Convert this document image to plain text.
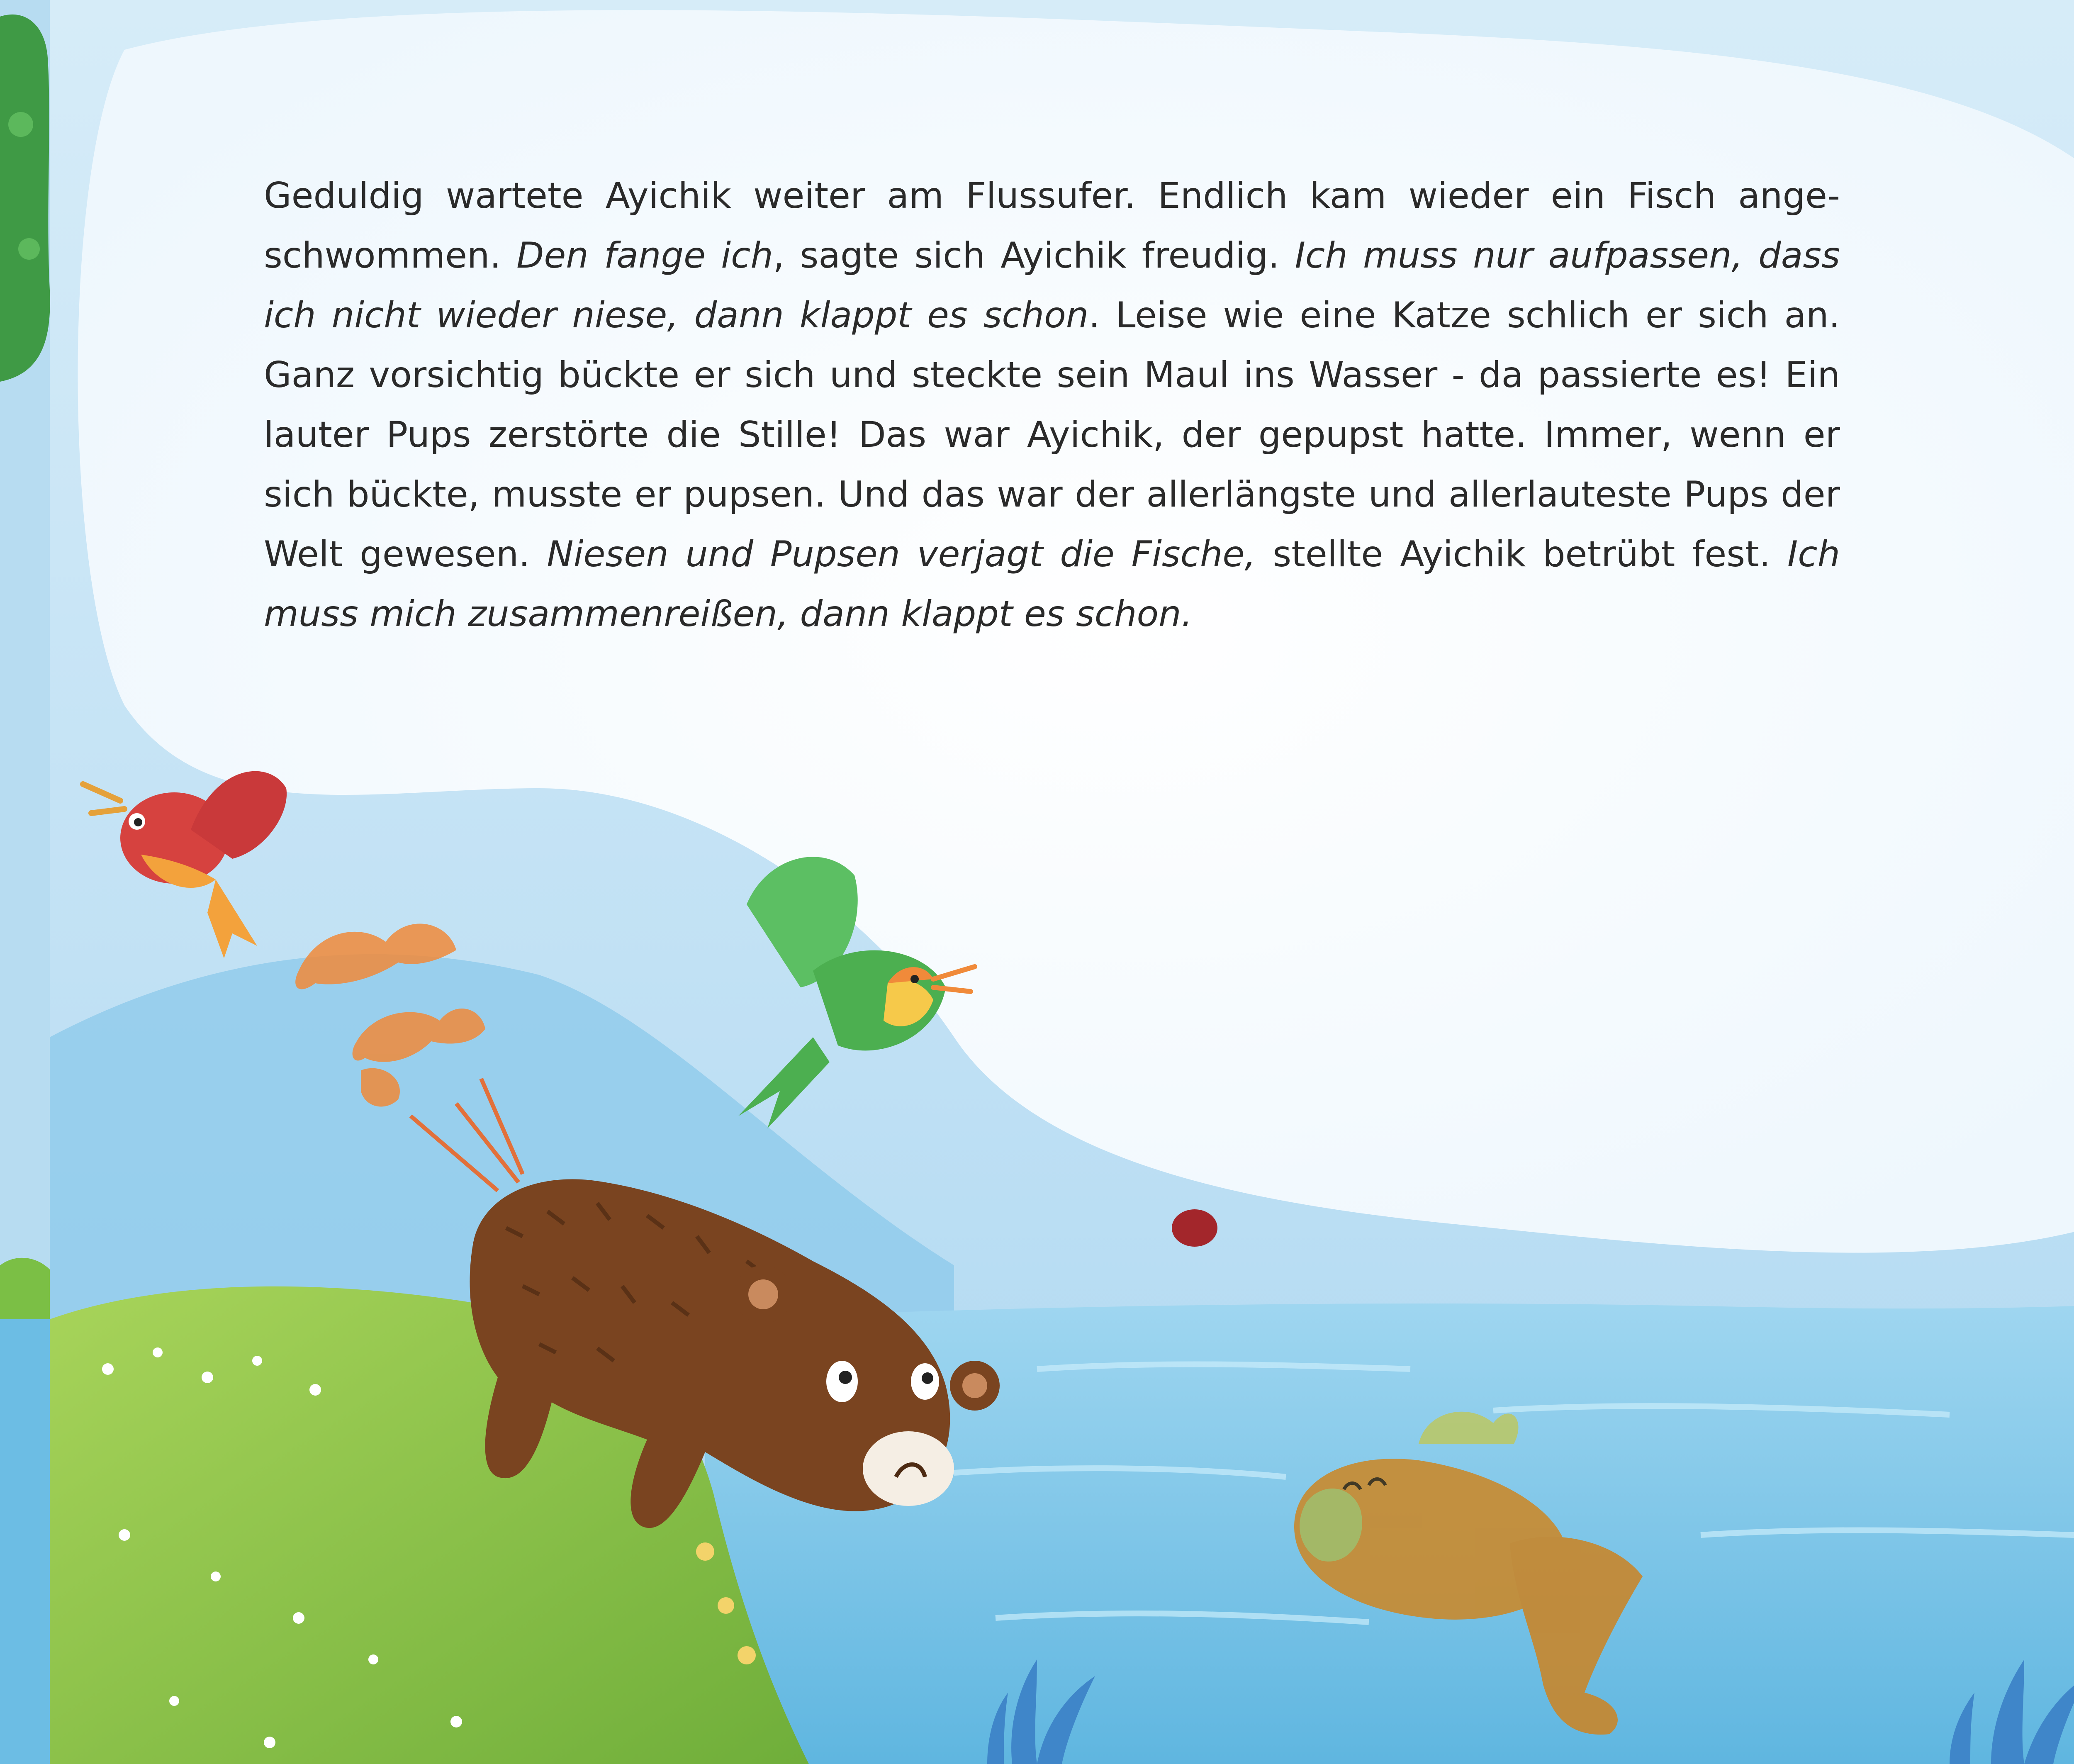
Geduldig wartete Ayichik weiter am Flussufer. Endlich kam wieder ein Fisch angeschwommen. Den fange ich, sagte sich Ayichik freudig. Ich muss nur aufpassen, dass ich nicht wieder niese, dann klappt es schon. Leise wie eine Katze schlich er sich an. Ganz vorsichtig bückte er sich und steckte sein Maul ins Wasser - da passierte es! Ein lauter Pups zerstörte die Stille! Das war Ayichik, der gepupst hatte. Immer, wenn er sich bückte, musste er pupsen. Und das war der allerlängste und allerlauteste Pups der Welt gewesen. Niesen und Pupsen verjagt die Fische, stellte Ayichik betrübt fest. Ich muss mich zusammenreißen, dann klappt es schon.
